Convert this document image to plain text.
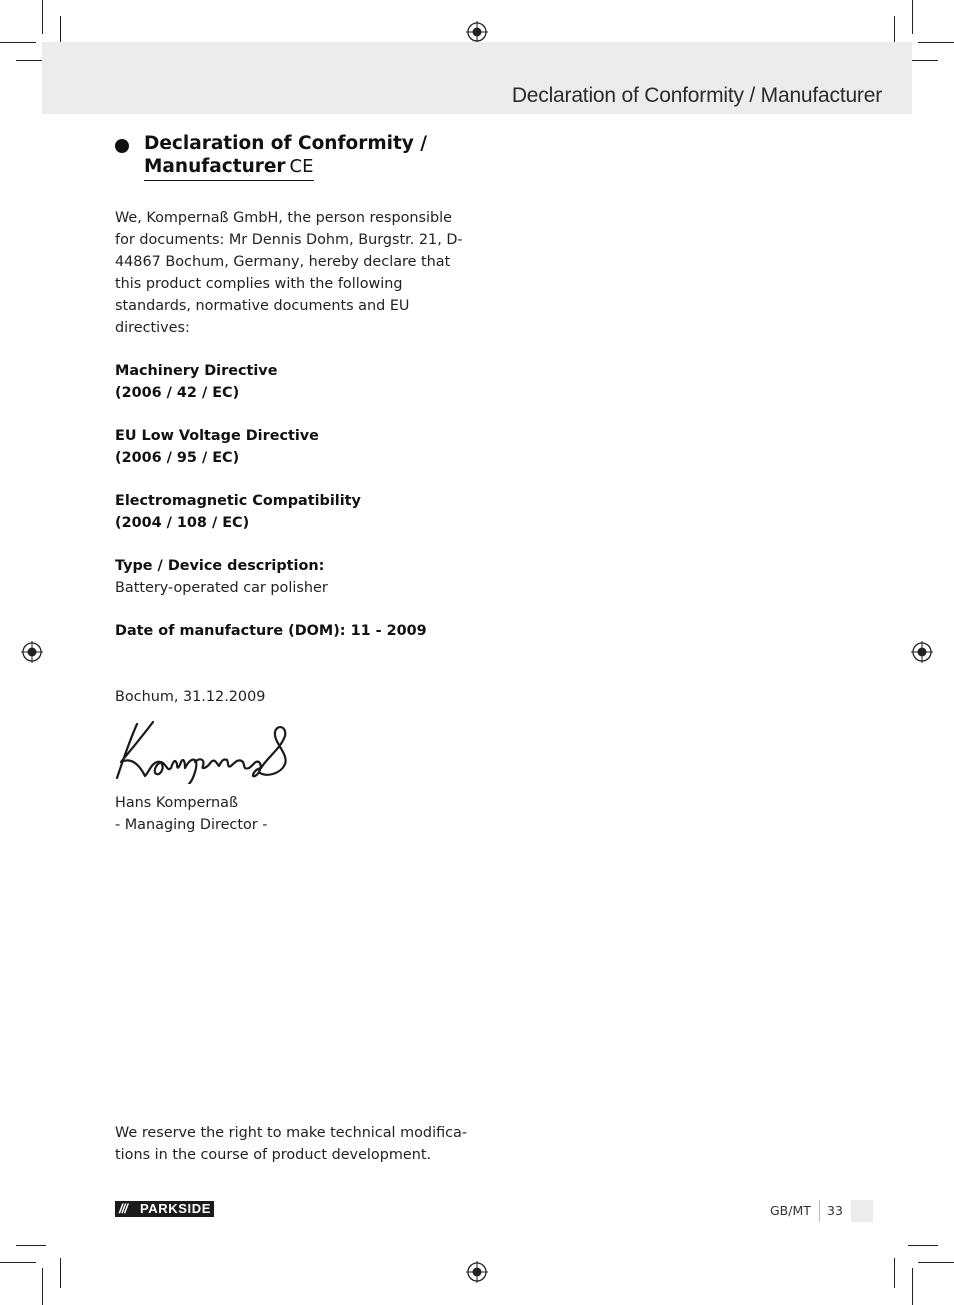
Declaration of Conformity / Manufacturer
Declaration of Conformity /
Manufacturer CE

We, Kompernaß GmbH, the person responsible for documents: Mr Dennis Dohm, Burgstr. 21, D-44867 Bochum, Germany, hereby declare that this product complies with the following standards, normative documents and EU directives:

Machinery Directive

(2006 / 42 / EC)

EU Low Voltage Directive

(2006 / 95 / EC)

Electromagnetic Compatibility

(2004 / 108 / EC)

Type / Device description:

Battery-operated car polisher

Date of manufacture (DOM): 11 - 2009

Bochum, 31.12.2009

Hans Kompernaß

- Managing Director -

We reserve the right to make technical modifica- tions in the course of product development.
/// PARKSIDE	GB/MT 33
